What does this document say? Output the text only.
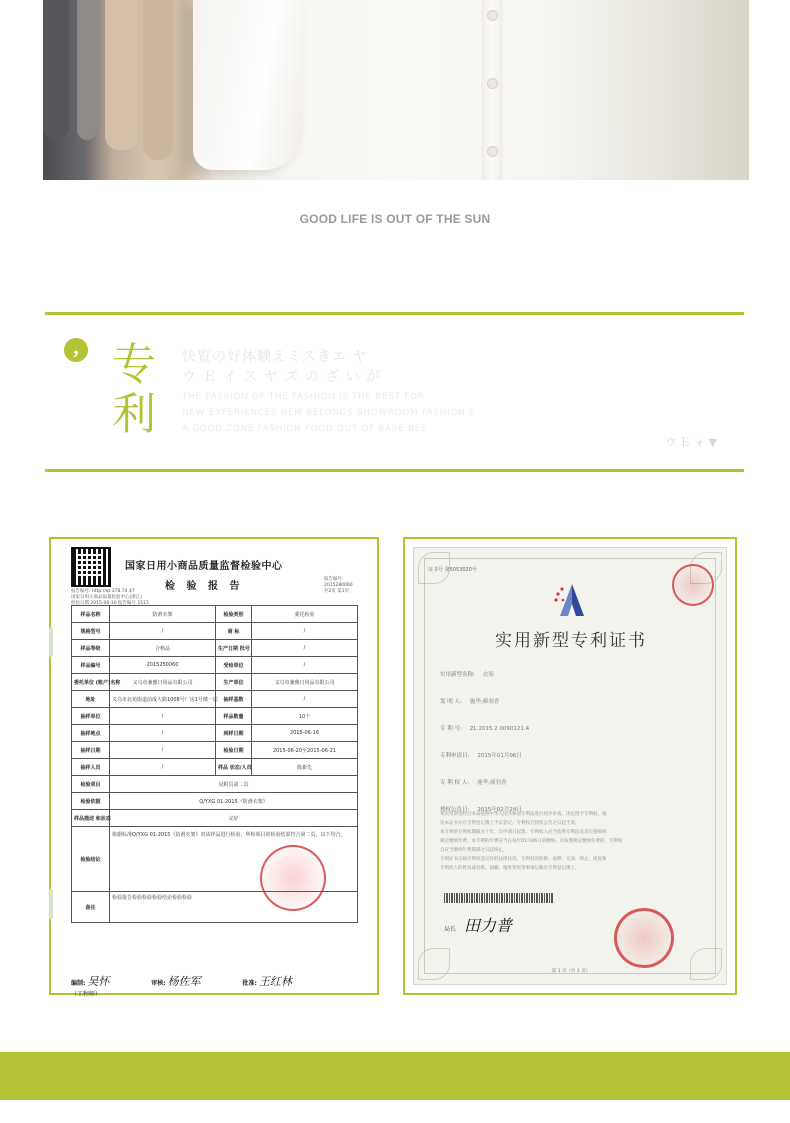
GOOD LIFE IS OUT OF THE SUN
, 专利
快覧の好体験えミスきエ ヤ
ウ Ｅ イ ス ヤ ズ の ざ い が
THE PASSION OF THE FASHION IS THE BEST FOR
NEW EXPERIENCES HEM BELONGS SHOWROOM FASHION E
A GOOD ZONE FASHION FOOD OUT OF BASE BEE
ウ Ｅ ォ ▼
国家日用小商品质量监督检验中心
检 验 报 告
报告编号: http://qt 378.74 47
国家日用小商品质量检验中心(浙江)
检验日期 2015-06-16 报告编号 1515
报告编号:
2015280060
共2页 第1页
样品名称	防滑衣架	检验类别	委托检验
规格型号	/	商 标	/
样品等级	合格品	生产日期 批号	/
样品编号	2015250060	受检单位	/
委托单位 (账户)名称	义乌市兼雅日用品有限公司	生产单位	义乌市兼雅日用品有限公司
地址	义乌市北苑街道前成大路1008号厂房1号楼一层	抽样基数	/
抽样单位	/	样品数量	10个
抽样地点	/	到样日期	2015-06-16
抽样日期	/	检验日期	2015-06-20至2015-06-21
抽样人员	/	样品 状态/人员	陈新先
检验项目	见附页第二页		
检验依据	Q/YXG 01-2015《防滑衣架》		
样品描述 和状态	完好		
检验结论	依据标准Q/YXG 01-2015《防滑衣架》对该样品进行检验，所检项目的检验结果符合第二页，以下均合。		

备注	检验报告检验检验检验结论检验检验		
编制: 吴怀	审核: 杨佐军	批准: 王红林 （工程师）
证书号 第5053020号
实用新型专利证书
实用新型名称: 衣架
发 明 人: 施华;颜羽香
专 利 号: ZL 2015 2 0090121.4
专利申请日: 2015年01月06日
专 利 权 人: 施华;颜羽香
授权公告日: 2015年02月24日
本实用新型经过本局依照中华人民共和国专利法进行初步审查，决定授予专利权，颁
发本证书并在专利登记簿上予以登记。专利权自授权公告之日起生效。
本专利的专利权期限为十年，自申请日起算。专利权人应当依照专利法及其实施细则
规定缴纳年费。本专利的年费应当在每年01月06日前缴纳。未按照规定缴纳年费的，专利权
自应当缴纳年费期满之日起终止。
专利证书记载专利权登记时的法律状况。专利权的转移、质押、无效、终止、恢复和
专利权人的姓名或名称、国籍、地址变更等事项记载在专利登记簿上。
局长 田力普
第 1 页（共 1 页）
